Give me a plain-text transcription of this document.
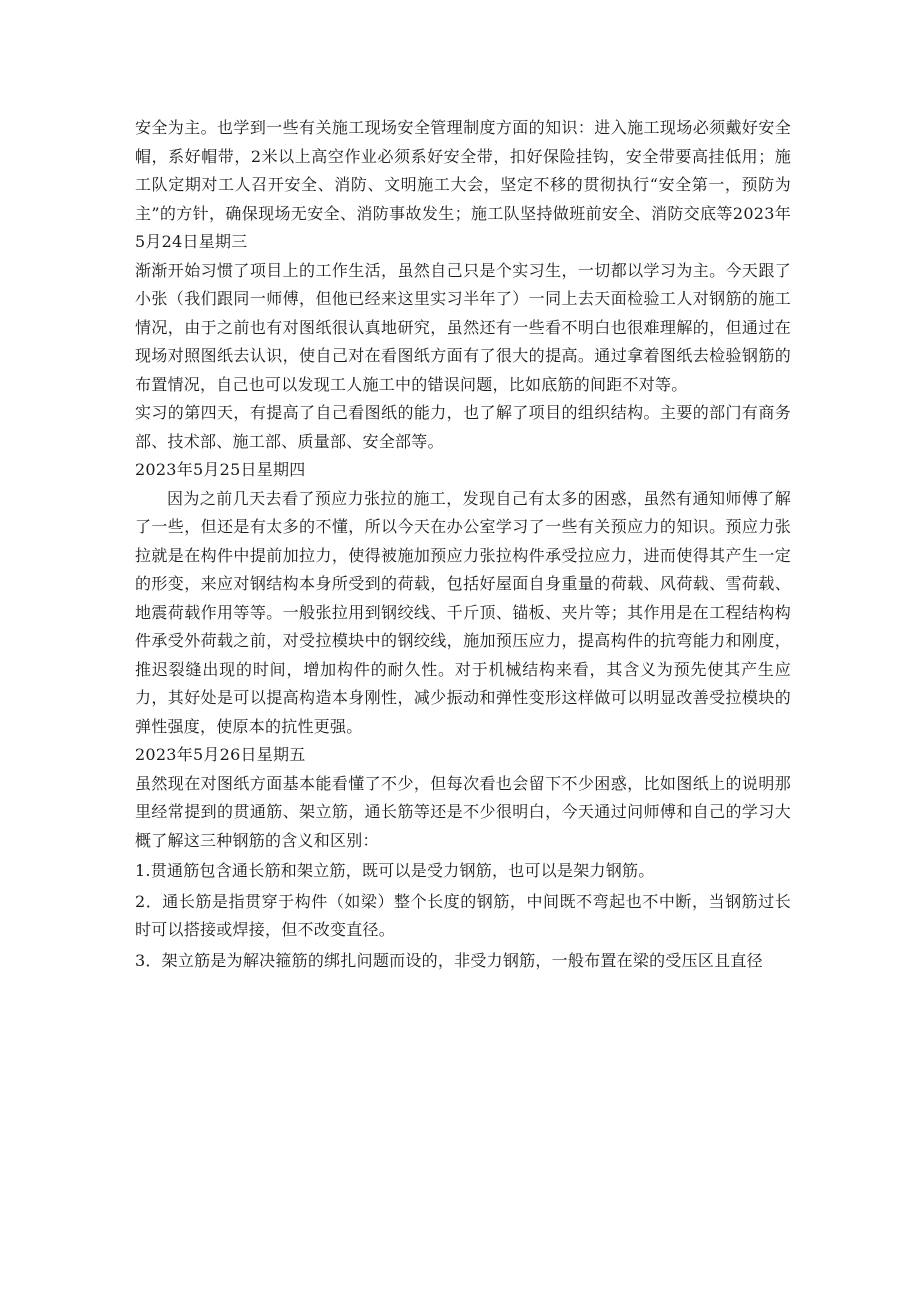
安全为主。也学到一些有关施工现场安全管理制度方面的知识：进入施工现场必须戴好安全帽，系好帽带，2米以上高空作业必须系好安全带，扣好保险挂钩，安全带要高挂低用；施工队定期对工人召开安全、消防、文明施工大会，坚定不移的贯彻执行“安全第一，预防为主”的方针，确保现场无安全、消防事故发生；施工队坚持做班前安全、消防交底等2023年5月24日星期三

渐渐开始习惯了项目上的工作生活，虽然自己只是个实习生，一切都以学习为主。今天跟了小张（我们跟同一师傅，但他已经来这里实习半年了）一同上去天面检验工人对钢筋的施工情况，由于之前也有对图纸很认真地研究，虽然还有一些看不明白也很难理解的，但通过在现场对照图纸去认识，使自己对在看图纸方面有了很大的提高。通过拿着图纸去检验钢筋的布置情况，自己也可以发现工人施工中的错误问题，比如底筋的间距不对等。

实习的第四天，有提高了自己看图纸的能力，也了解了项目的组织结构。主要的部门有商务部、技术部、施工部、质量部、安全部等。

2023年5月25日星期四

因为之前几天去看了预应力张拉的施工，发现自己有太多的困惑，虽然有通知师傅了解了一些，但还是有太多的不懂，所以今天在办公室学习了一些有关预应力的知识。预应力张拉就是在构件中提前加拉力，使得被施加预应力张拉构件承受拉应力，进而使得其产生一定的形变，来应对钢结构本身所受到的荷载，包括好屋面自身重量的荷载、风荷载、雪荷载、地震荷载作用等等。一般张拉用到钢绞线、千斤顶、锚板、夹片等；其作用是在工程结构构件承受外荷载之前，对受拉模块中的钢绞线，施加预压应力，提高构件的抗弯能力和刚度，推迟裂缝出现的时间，增加构件的耐久性。对于机械结构来看，其含义为预先使其产生应力，其好处是可以提高构造本身刚性，减少振动和弹性变形这样做可以明显改善受拉模块的弹性强度，使原本的抗性更强。

2023年5月26日星期五

虽然现在对图纸方面基本能看懂了不少，但每次看也会留下不少困惑，比如图纸上的说明那里经常提到的贯通筋、架立筋，通长筋等还是不少很明白，今天通过问师傅和自己的学习大概了解这三种钢筋的含义和区别：

1.贯通筋包含通长筋和架立筋，既可以是受力钢筋，也可以是架力钢筋。

2．通长筋是指贯穿于构件（如梁）整个长度的钢筋，中间既不弯起也不中断，当钢筋过长时可以搭接或焊接，但不改变直径。

3．架立筋是为解决箍筋的绑扎问题而设的，非受力钢筋，一般布置在梁的受压区且直径
